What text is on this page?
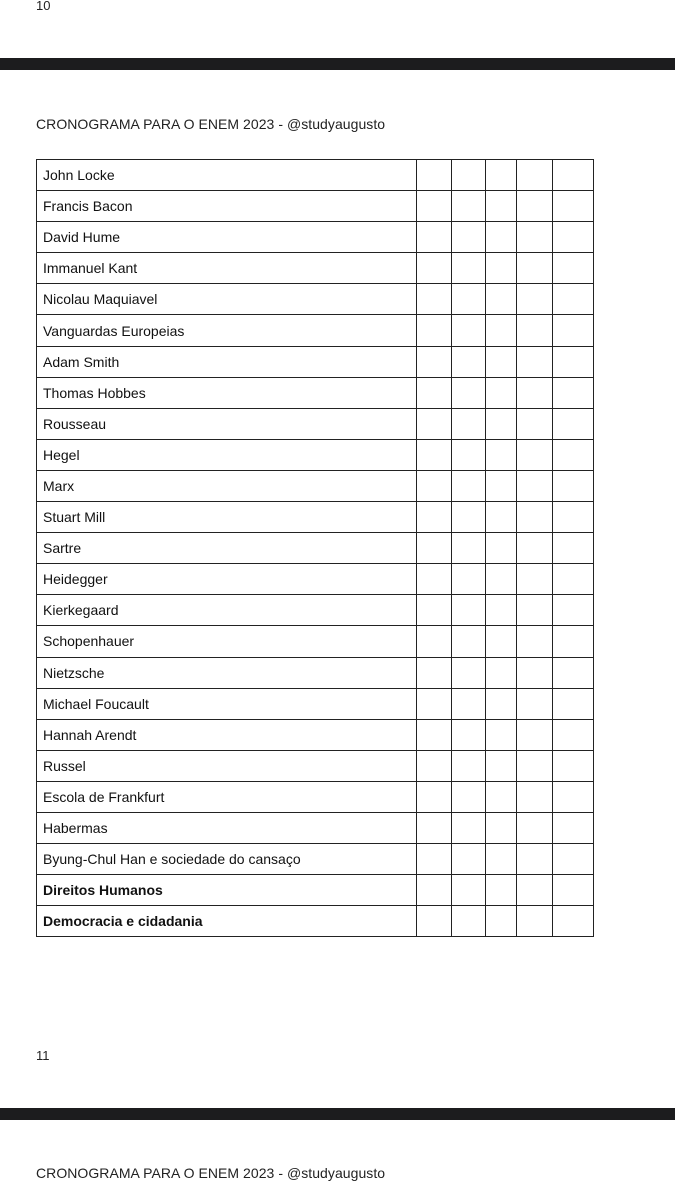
10
CRONOGRAMA PARA O ENEM 2023 - @studyaugusto
John Locke					
Francis Bacon					
David Hume					
Immanuel Kant					
Nicolau Maquiavel					
Vanguardas Europeias					
Adam Smith					
Thomas Hobbes					
Rousseau					
Hegel					
Marx					
Stuart Mill					
Sartre					
Heidegger					
Kierkegaard					
Schopenhauer					
Nietzsche					
Michael Foucault					
Hannah Arendt					
Russel					
Escola de Frankfurt					
Habermas					
Byung-Chul Han e sociedade do cansaço					
Direitos Humanos					
Democracia e cidadania					
11
CRONOGRAMA PARA O ENEM 2023 - @studyaugusto
